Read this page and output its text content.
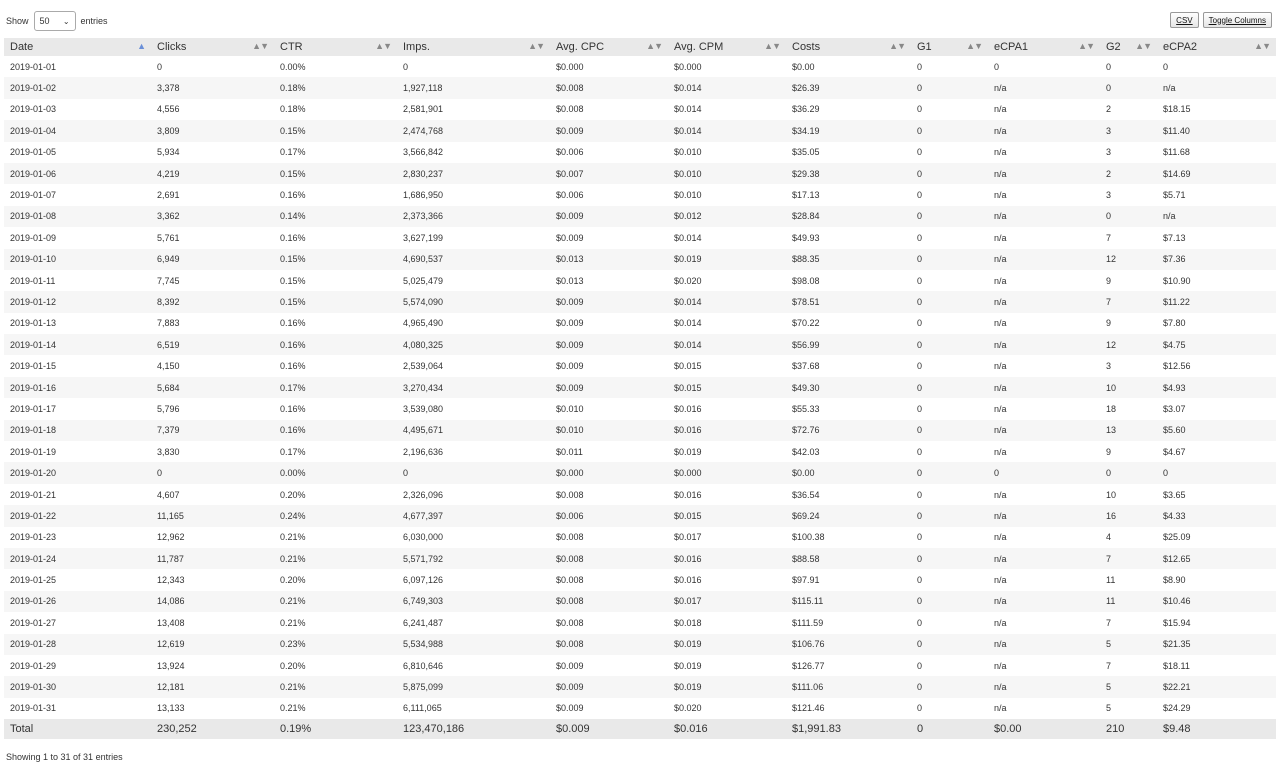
Show 50 ⌄ entries	CSV	Toggle Columns
Date ▲	Clicks ▲▼	CTR ▲▼	Imps. ▲▼	Avg. CPC ▲▼	Avg. CPM ▲▼	Costs ▲▼	G1 ▲▼	eCPA1 ▲▼	G2 ▲▼	eCPA2 ▲▼

2019-01-01	0	0.00%	0	$0.000	$0.000	$0.00	0	0	0	0
2019-01-02	3,378	0.18%	1,927,118	$0.008	$0.014	$26.39	0	n/a	0	n/a
2019-01-03	4,556	0.18%	2,581,901	$0.008	$0.014	$36.29	0	n/a	2	$18.15
2019-01-04	3,809	0.15%	2,474,768	$0.009	$0.014	$34.19	0	n/a	3	$11.40
2019-01-05	5,934	0.17%	3,566,842	$0.006	$0.010	$35.05	0	n/a	3	$11.68
2019-01-06	4,219	0.15%	2,830,237	$0.007	$0.010	$29.38	0	n/a	2	$14.69
2019-01-07	2,691	0.16%	1,686,950	$0.006	$0.010	$17.13	0	n/a	3	$5.71
2019-01-08	3,362	0.14%	2,373,366	$0.009	$0.012	$28.84	0	n/a	0	n/a
2019-01-09	5,761	0.16%	3,627,199	$0.009	$0.014	$49.93	0	n/a	7	$7.13
2019-01-10	6,949	0.15%	4,690,537	$0.013	$0.019	$88.35	0	n/a	12	$7.36
2019-01-11	7,745	0.15%	5,025,479	$0.013	$0.020	$98.08	0	n/a	9	$10.90
2019-01-12	8,392	0.15%	5,574,090	$0.009	$0.014	$78.51	0	n/a	7	$11.22
2019-01-13	7,883	0.16%	4,965,490	$0.009	$0.014	$70.22	0	n/a	9	$7.80
2019-01-14	6,519	0.16%	4,080,325	$0.009	$0.014	$56.99	0	n/a	12	$4.75
2019-01-15	4,150	0.16%	2,539,064	$0.009	$0.015	$37.68	0	n/a	3	$12.56
2019-01-16	5,684	0.17%	3,270,434	$0.009	$0.015	$49.30	0	n/a	10	$4.93
2019-01-17	5,796	0.16%	3,539,080	$0.010	$0.016	$55.33	0	n/a	18	$3.07
2019-01-18	7,379	0.16%	4,495,671	$0.010	$0.016	$72.76	0	n/a	13	$5.60
2019-01-19	3,830	0.17%	2,196,636	$0.011	$0.019	$42.03	0	n/a	9	$4.67
2019-01-20	0	0.00%	0	$0.000	$0.000	$0.00	0	0	0	0
2019-01-21	4,607	0.20%	2,326,096	$0.008	$0.016	$36.54	0	n/a	10	$3.65
2019-01-22	11,165	0.24%	4,677,397	$0.006	$0.015	$69.24	0	n/a	16	$4.33
2019-01-23	12,962	0.21%	6,030,000	$0.008	$0.017	$100.38	0	n/a	4	$25.09
2019-01-24	11,787	0.21%	5,571,792	$0.008	$0.016	$88.58	0	n/a	7	$12.65
2019-01-25	12,343	0.20%	6,097,126	$0.008	$0.016	$97.91	0	n/a	11	$8.90
2019-01-26	14,086	0.21%	6,749,303	$0.008	$0.017	$115.11	0	n/a	11	$10.46
2019-01-27	13,408	0.21%	6,241,487	$0.008	$0.018	$111.59	0	n/a	7	$15.94
2019-01-28	12,619	0.23%	5,534,988	$0.008	$0.019	$106.76	0	n/a	5	$21.35
2019-01-29	13,924	0.20%	6,810,646	$0.009	$0.019	$126.77	0	n/a	7	$18.11
2019-01-30	12,181	0.21%	5,875,099	$0.009	$0.019	$111.06	0	n/a	5	$22.21
2019-01-31	13,133	0.21%	6,111,065	$0.009	$0.020	$121.46	0	n/a	5	$24.29
Total	230,252	0.19%	123,470,186	$0.009	$0.016	$1,991.83	0	$0.00	210	$9.48
Showing 1 to 31 of 31 entries
